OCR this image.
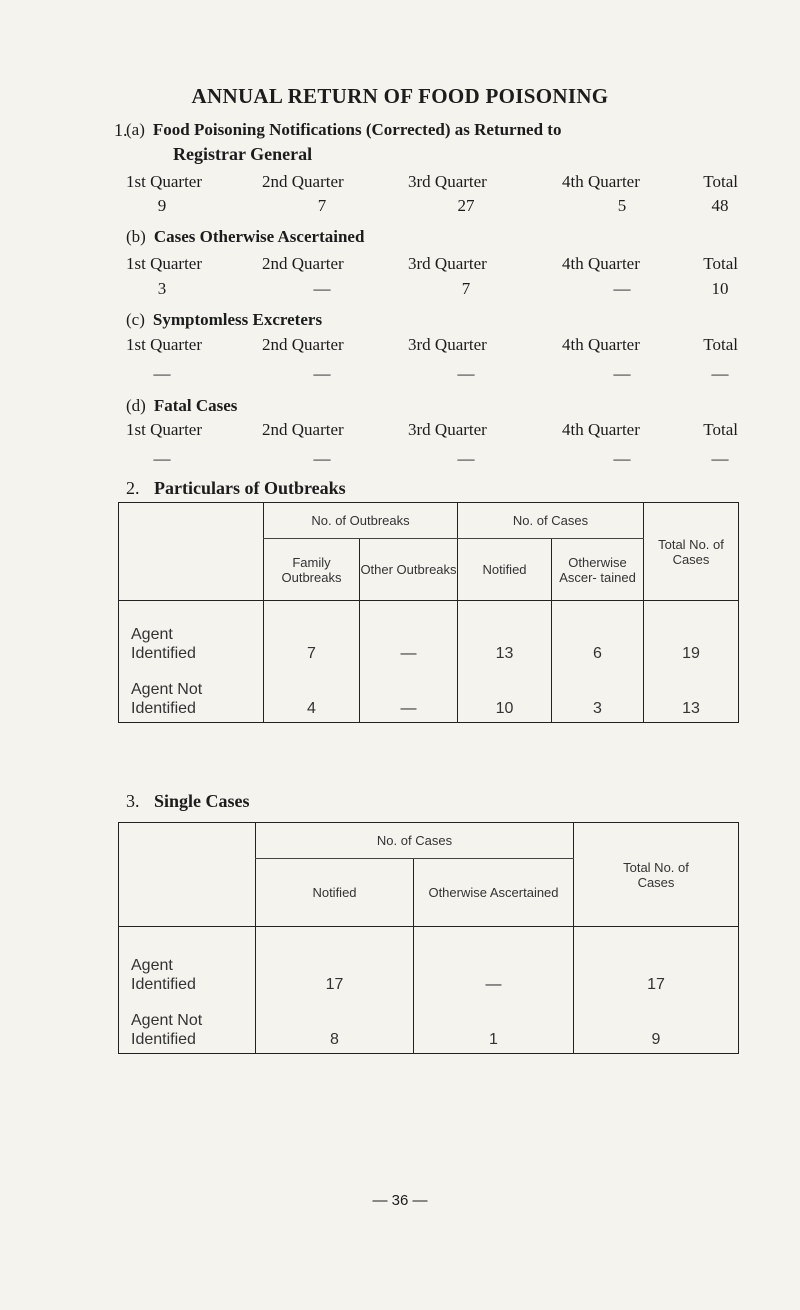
ANNUAL RETURN OF FOOD POISONING
1.
(a) Food Poisoning Notifications (Corrected) as Returned to
Registrar General
1st Quarter	2nd Quarter	3rd Quarter	4th Quarter	Total
9	7	27	5	48
(b) Cases Otherwise Ascertained
1st Quarter	2nd Quarter	3rd Quarter	4th Quarter	Total
3	—	7	—	10
(c) Symptomless Excreters
1st Quarter	2nd Quarter	3rd Quarter	4th Quarter	Total
—	—	—	—	—
(d) Fatal Cases
1st Quarter	2nd Quarter	3rd Quarter	4th Quarter	Total
—	—	—	—	—
2. Particulars of Outbreaks
	No. of Outbreaks		No. of Cases		Total No. of Cases
	Family Outbreaks	Other Outbreaks	Notified	Otherwise Ascer- tained	
Agent
Identified	7	—	13	6	19
Agent Not
Identified	4	—	10	3	13
3. Single Cases
	No. of Cases		Total No. of Cases
	Notified	Otherwise Ascertained	
Agent
Identified	17	—	17
Agent Not
Identified	8	1	9
— 36 —
